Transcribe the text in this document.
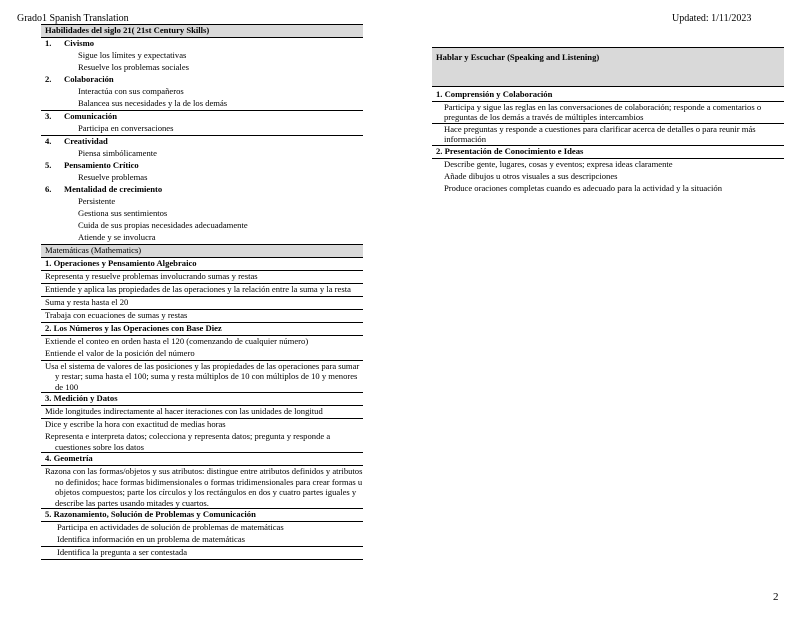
Grado1 Spanish Translation	Updated: 1/11/2023
Habilidades del siglo 21( 21st Century Skills)
1. Civismo
Sigue los límites y expectativas
Resuelve los problemas sociales
2. Colaboración
Interactúa con sus compañeros
Balancea sus necesidades y la de los demás
3. Comunicación
Participa en conversaciones
4. Creatividad
Piensa simbólicamente
5. Pensamiento Crítico
Resuelve problemas
6. Mentalidad de crecimiento
Persistente
Gestiona sus sentimientos
Cuida de sus propias necesidades adecuadamente
Atiende y se involucra
Matemáticas (Mathematics)
1. Operaciones y Pensamiento Algebraico
Representa y resuelve problemas involucrando sumas y restas
Entiende y aplica las propiedades de las operaciones y la relación entre la suma y la resta
Suma y resta hasta el 20
Trabaja con ecuaciones de sumas y restas
2. Los Números y las Operaciones con Base Diez
Extiende el conteo en orden hasta el 120 (comenzando de cualquier número)
Entiende el valor de la posición del número
Usa el sistema de valores de las posiciones y las propiedades de las operaciones para sumar y restar; suma hasta el 100; suma y resta múltiplos de 10 con múltiplos de 10 y menores de 100
3. Medición y Datos
Mide longitudes indirectamente al hacer iteraciones con las unidades de longitud
Dice y escribe la hora con exactitud de medias horas
Representa e interpreta datos; colecciona y representa datos; pregunta y responde a cuestiones sobre los datos
4. Geometría
Razona con las formas/objetos y sus atributos: distingue entre atributos definidos y atributos no definidos; hace formas bidimensionales o formas tridimensionales para crear formas u objetos compuestos; parte los círculos y los rectángulos en dos y cuatro partes iguales y describe las partes usando mitades y cuartos.
5. Razonamiento, Solución de Problemas y Comunicación
Participa en actividades de solución de problemas de matemáticas
Identifica información en un problema de matemáticas
Identifica la pregunta a ser contestada
Hablar y Escuchar (Speaking and Listening)
1. Comprensión y Colaboración
Participa y sigue las reglas en las conversaciones de colaboración; responde a comentarios o preguntas de los demás a través de múltiples intercambios
Hace preguntas y responde a cuestiones para clarificar acerca de detalles o para reunir más información
2. Presentación de Conocimiento e Ideas
Describe gente, lugares, cosas y eventos; expresa ideas claramente
Añade dibujos u otros visuales a sus descripciones
Produce oraciones completas cuando es adecuado para la actividad y la situación
2
